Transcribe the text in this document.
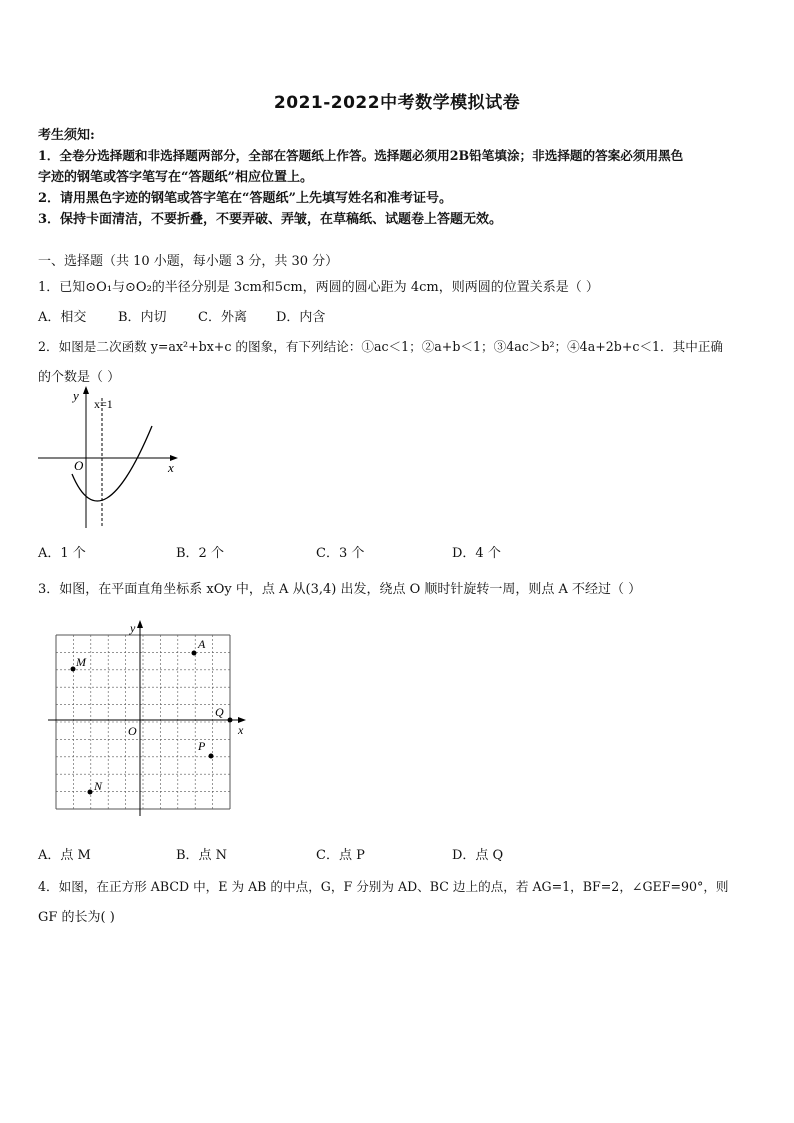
2021-2022中考数学模拟试卷
考生须知:
1．全卷分选择题和非选择题两部分，全部在答题纸上作答。选择题必须用2B铅笔填涂；非选择题的答案必须用黑色
字迹的钢笔或答字笔写在“答题纸”相应位置上。
2．请用黑色字迹的钢笔或答字笔在“答题纸”上先填写姓名和准考证号。
3．保持卡面清洁，不要折叠，不要弄破、弄皱，在草稿纸、试题卷上答题无效。
一、选择题（共 10 小题，每小题 3 分，共 30 分）
1．已知⊙O₁与⊙O₂的半径分别是 3cm和5cm，两圆的圆心距为 4cm，则两圆的位置关系是（ ）
A．相交 B．内切 C．外离 D．内含
2．如图是二次函数 y=ax²+bx+c 的图象，有下列结论：①ac＜1；②a+b＜1；③4ac＞b²；④4a+2b+c＜1．其中正确
的个数是（ ）
y
x
O
x=1
A．1 个	B．2 个	C．3 个	D．4 个
3．如图，在平面直角坐标系 xOy 中，点 A 从(3,4) 出发，绕点 O 顺时针旋转一周，则点 A 不经过（ ）
y
x
O
A
M
Q
P
N
A．点 M	B．点 N	C．点 P	D．点 Q
4．如图，在正方形 ABCD 中，E 为 AB 的中点，G，F 分别为 AD、BC 边上的点，若 AG=1，BF=2，∠GEF=90°，则
GF 的长为( )
